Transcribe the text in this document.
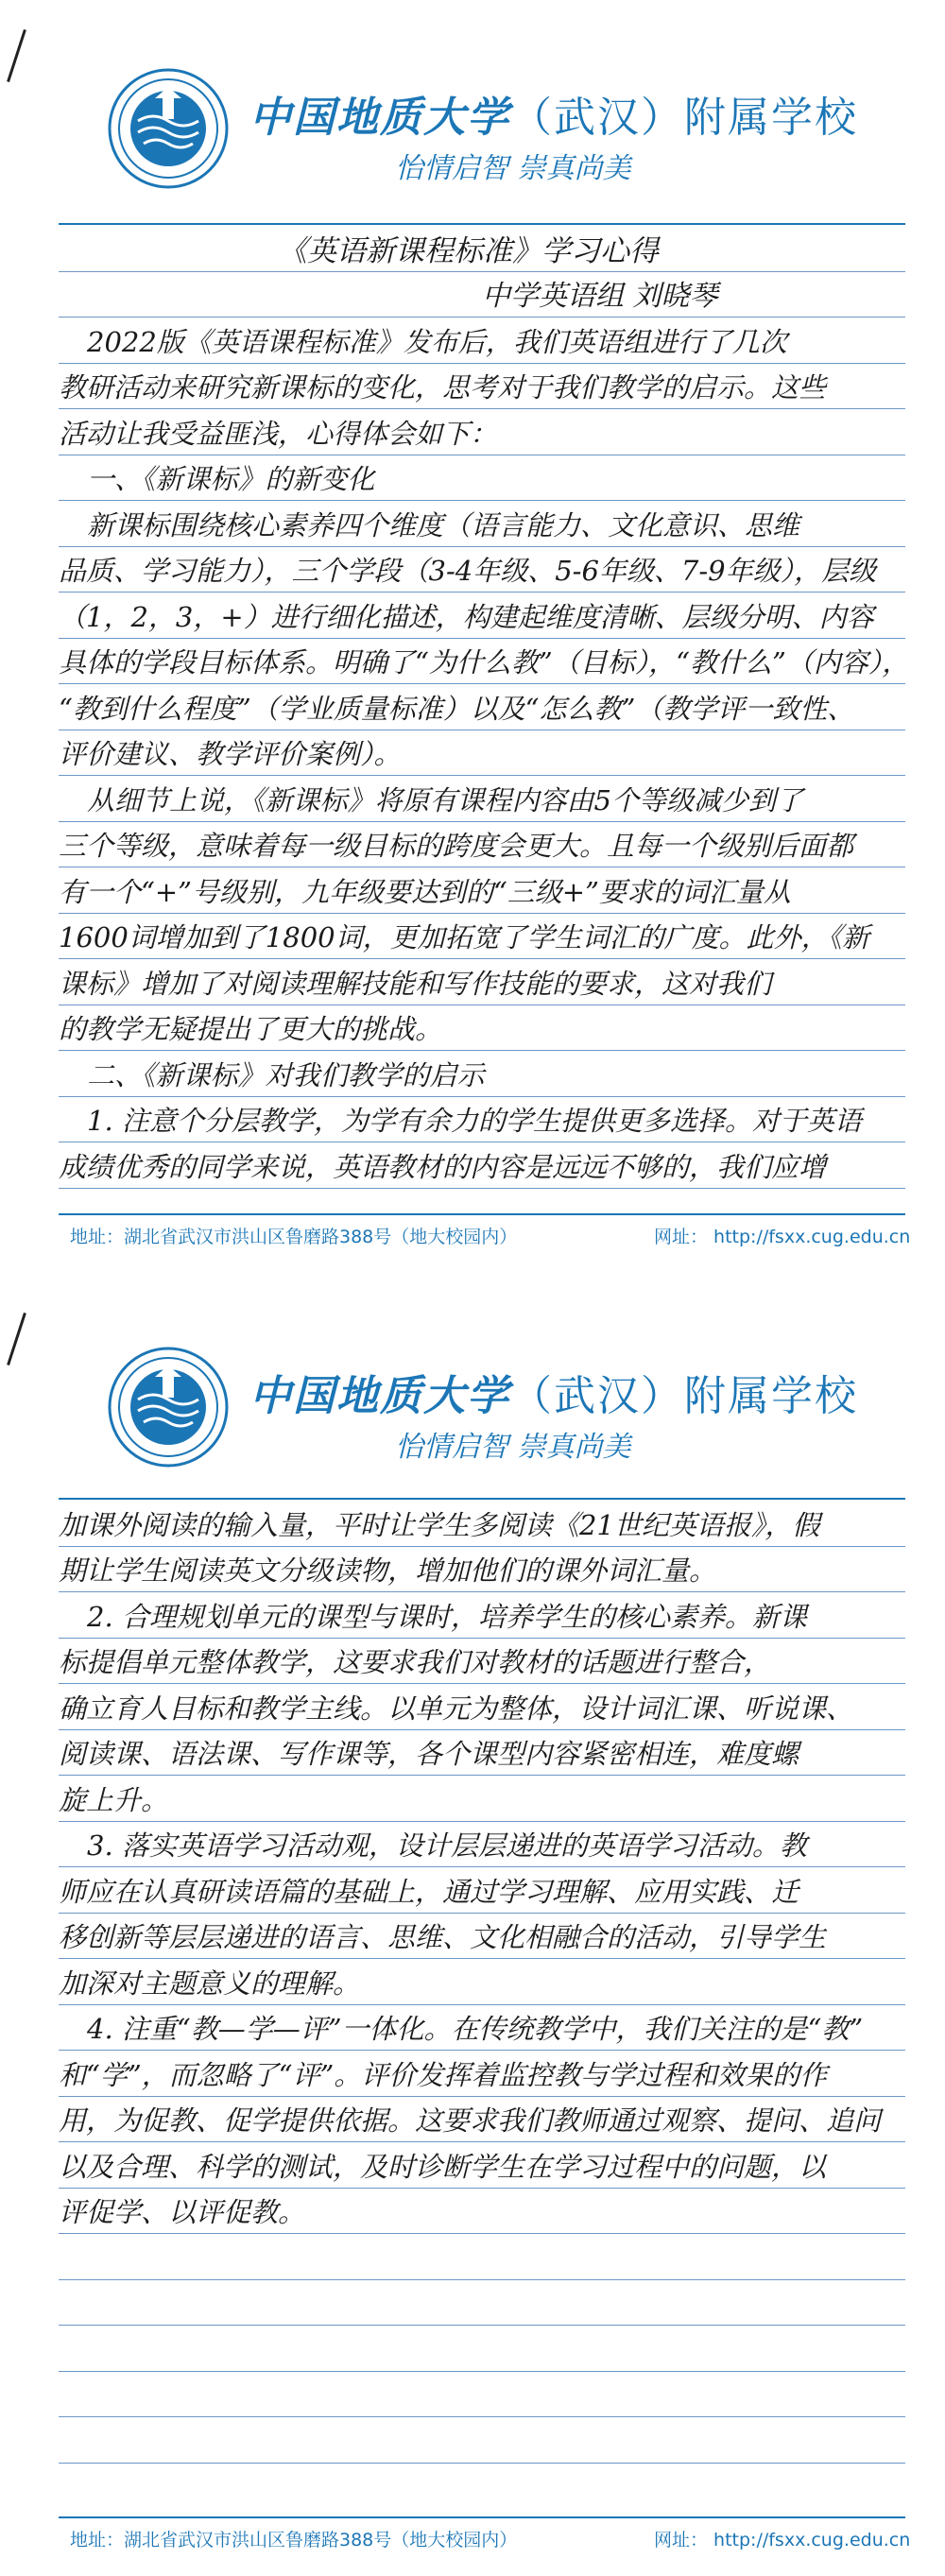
中国地质大学（武汉）附属学校
怡情启智 崇真尚美
《英语新课程标准》学习心得
中学英语组 刘晓琴
2022版《英语课程标准》发布后，我们英语组进行了几次
教研活动来研究新课标的变化，思考对于我们教学的启示。这些
活动让我受益匪浅，心得体会如下：
一、《新课标》的新变化
新课标围绕核心素养四个维度（语言能力、文化意识、思维
品质、学习能力），三个学段（3-4年级、5-6年级、7-9年级），层级
（1，2，3，+）进行细化描述，构建起维度清晰、层级分明、内容
具体的学段目标体系。明确了“为什么教”（目标），“教什么”（内容），
“教到什么程度”（学业质量标准）以及“怎么教”（教学评一致性、
评价建议、教学评价案例）。
从细节上说，《新课标》将原有课程内容由5个等级减少到了
三个等级，意味着每一级目标的跨度会更大。且每一个级别后面都
有一个“+”号级别，九年级要达到的“三级+”要求的词汇量从
1600词增加到了1800词，更加拓宽了学生词汇的广度。此外，《新
课标》增加了对阅读理解技能和写作技能的要求，这对我们
的教学无疑提出了更大的挑战。
二、《新课标》对我们教学的启示
1. 注意个分层教学，为学有余力的学生提供更多选择。对于英语
成绩优秀的同学来说，英语教材的内容是远远不够的，我们应增
地址：湖北省武汉市洪山区鲁磨路388号（地大校园内）	网址： http://fsxx.cug.edu.cn
中国地质大学（武汉）附属学校
怡情启智 崇真尚美
加课外阅读的输入量，平时让学生多阅读《21世纪英语报》，假
期让学生阅读英文分级读物，增加他们的课外词汇量。
2. 合理规划单元的课型与课时，培养学生的核心素养。新课
标提倡单元整体教学，这要求我们对教材的话题进行整合，
确立育人目标和教学主线。以单元为整体，设计词汇课、听说课、
阅读课、语法课、写作课等，各个课型内容紧密相连，难度螺
旋上升。
3. 落实英语学习活动观，设计层层递进的英语学习活动。教
师应在认真研读语篇的基础上，通过学习理解、应用实践、迁
移创新等层层递进的语言、思维、文化相融合的活动，引导学生
加深对主题意义的理解。
4. 注重“教—学—评”一体化。在传统教学中，我们关注的是“教”
和“学”，而忽略了“评”。评价发挥着监控教与学过程和效果的作
用，为促教、促学提供依据。这要求我们教师通过观察、提问、追问
以及合理、科学的测试，及时诊断学生在学习过程中的问题，以
评促学、以评促教。
地址：湖北省武汉市洪山区鲁磨路388号（地大校园内）	网址： http://fsxx.cug.edu.cn
